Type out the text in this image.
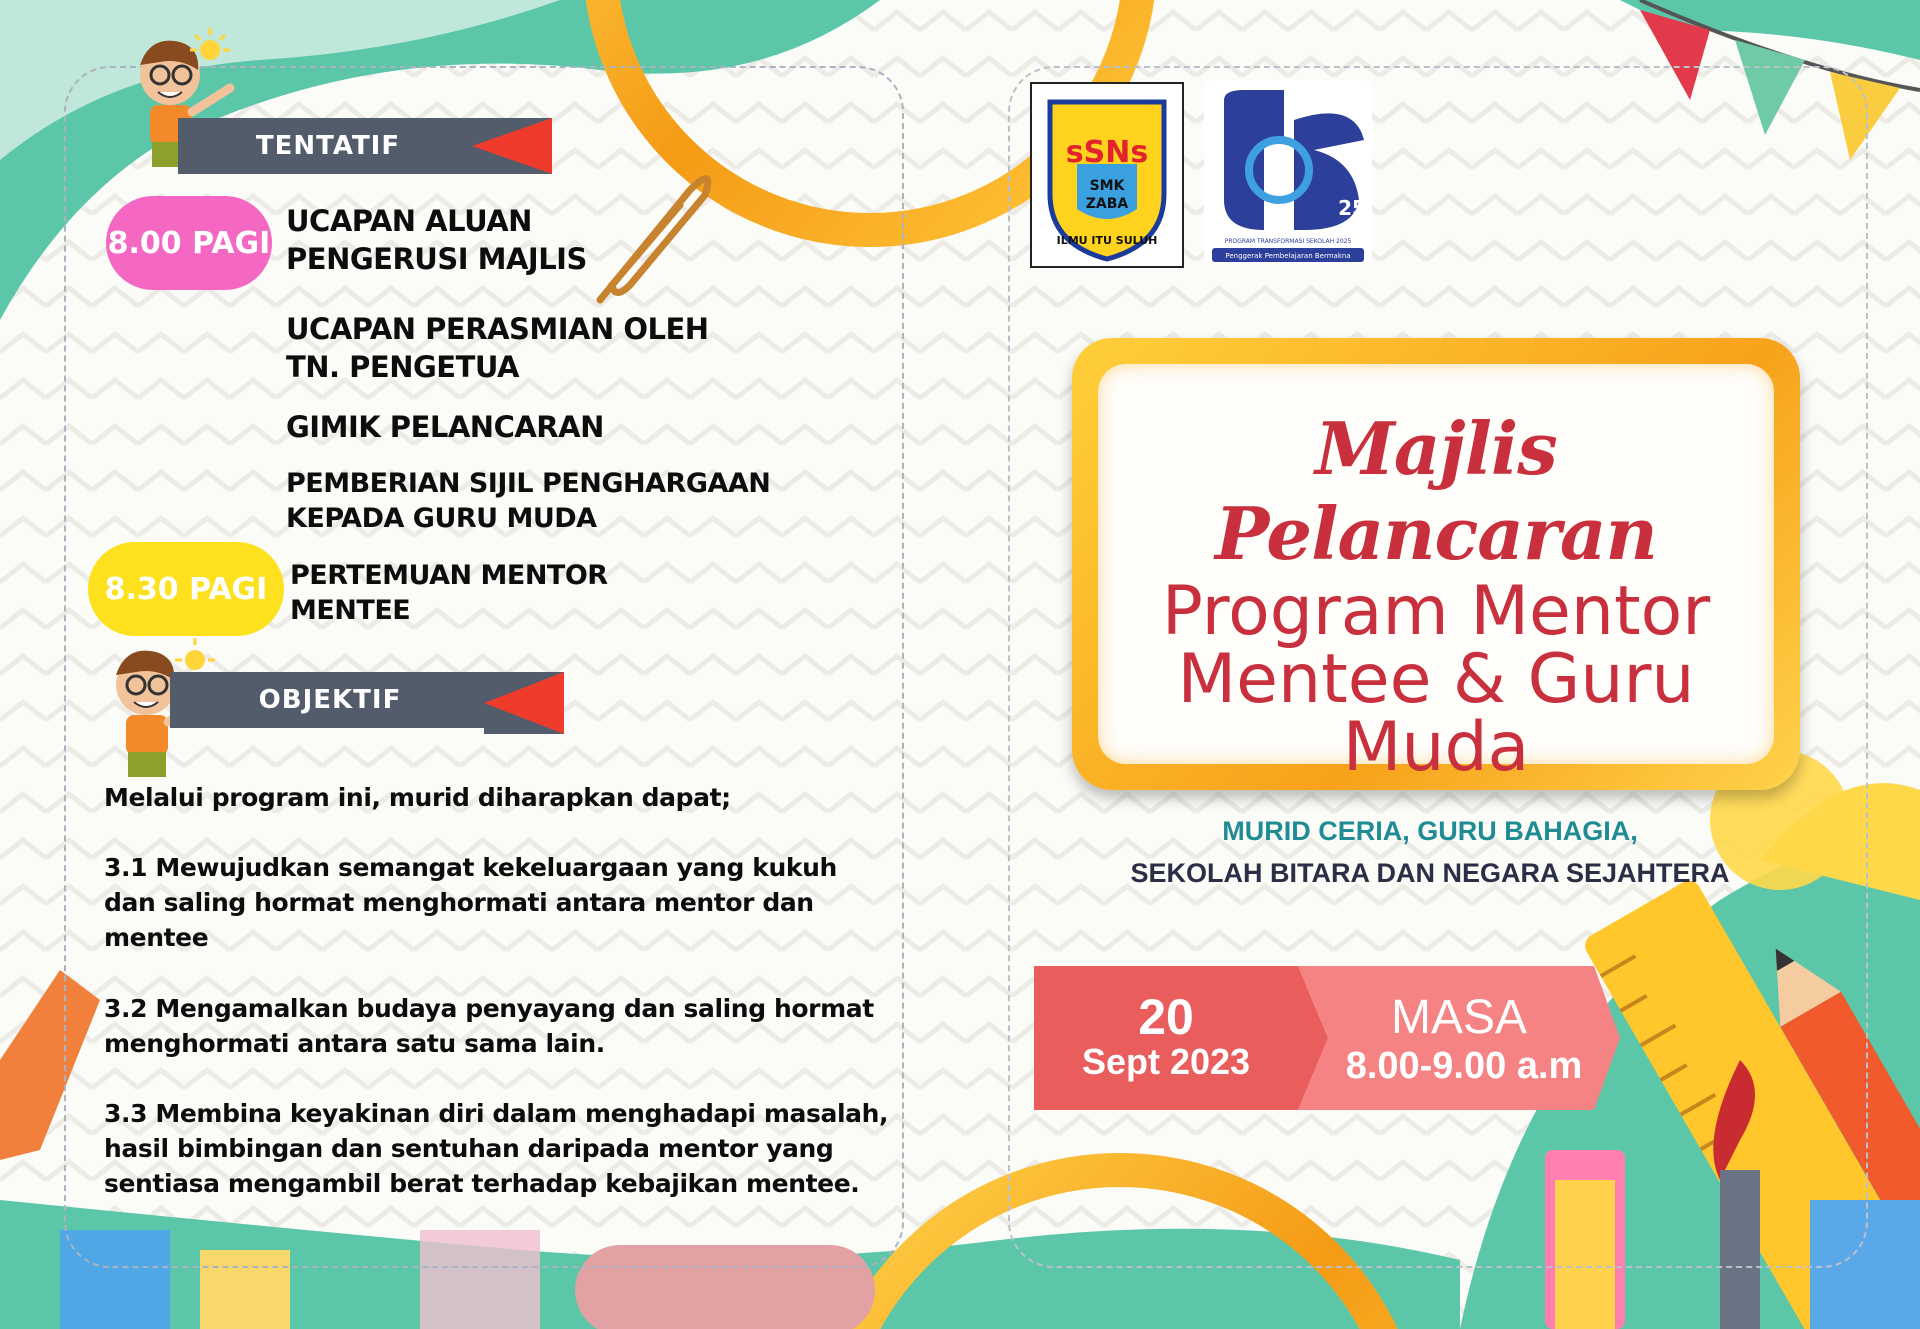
TENTATIF
8.00 PAGI
8.30 PAGI
UCAPAN ALUAN
PENGERUSI MAJLIS
UCAPAN PERASMIAN OLEH
TN. PENGETUA
GIMIK PELANCARAN
PEMBERIAN SIJIL PENGHARGAAN
KEPADA GURU MUDA
PERTEMUAN MENTOR
MENTEE
OBJEKTIF
Melalui program ini, murid diharapkan dapat;
3.1 Mewujudkan semangat kekeluargaan yang kukuh
dan saling hormat menghormati antara mentor dan
mentee
3.2 Mengamalkan budaya penyayang dan saling hormat
menghormati antara satu sama lain.
3.3 Membina keyakinan diri dalam menghadapi masalah,
hasil bimbingan dan sentuhan daripada mentor yang
sentiasa mengambil berat terhadap kebajikan mentee.
sSNs
SMK
ZABA
ILMU ITU SULUH
25
PROGRAM TRANSFORMASI SEKOLAH 2025
Penggerak Pembelajaran Bermakna
Majlis Pelancaran
Program Mentor
Mentee & Guru
Muda
MURID CERIA, GURU BAHAGIA,
SEKOLAH BITARA DAN NEGARA SEJAHTERA
20
Sept 2023
MASA
8.00-9.00 a.m
